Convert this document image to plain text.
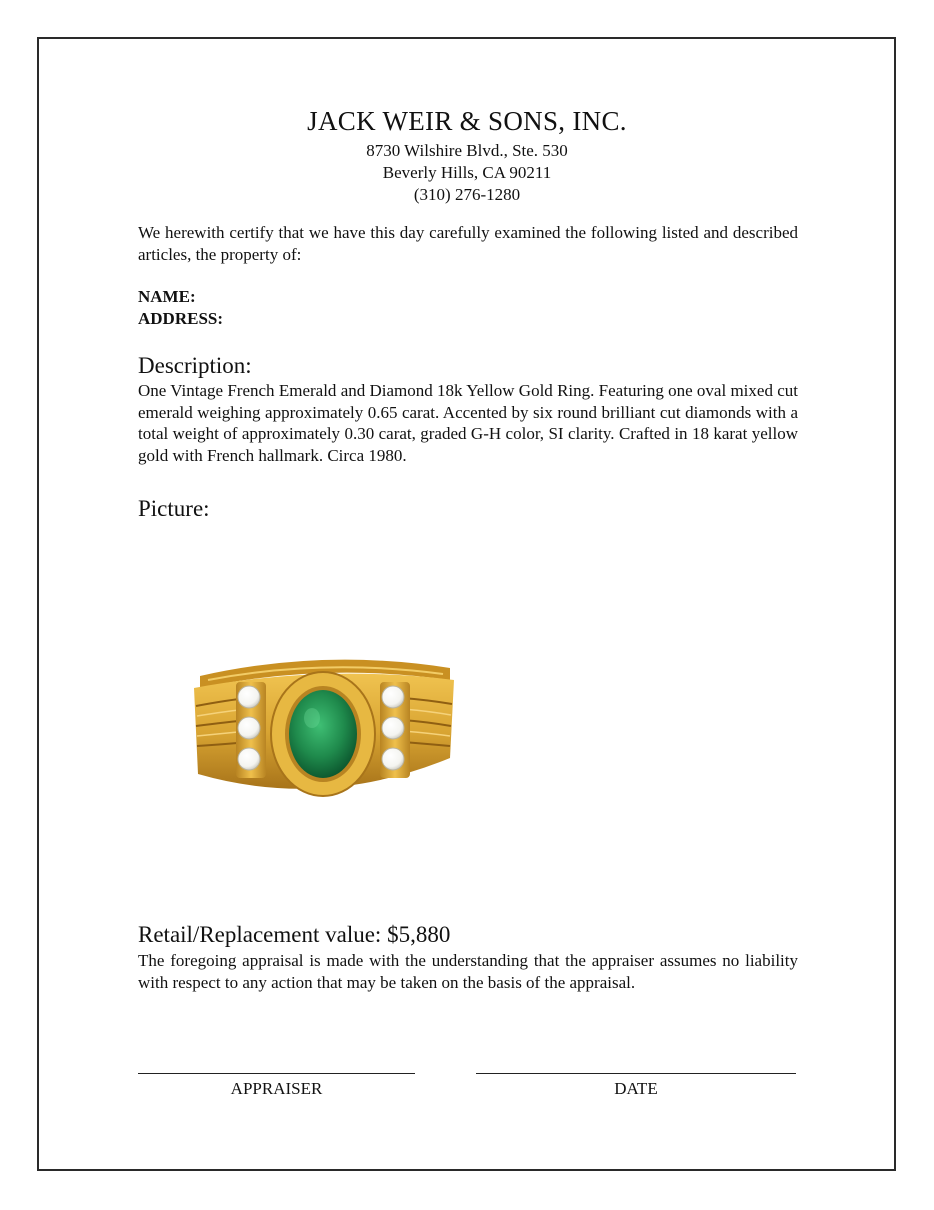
JACK WEIR & SONS, INC.
8730 Wilshire Blvd., Ste. 530
Beverly Hills, CA 90211
(310) 276-1280
We herewith certify that we have this day carefully examined the following listed and described articles, the property of:
NAME:
ADDRESS:
Description:
One Vintage French Emerald and Diamond 18k Yellow Gold Ring. Featuring one oval mixed cut emerald weighing approximately 0.65 carat. Accented by six round brilliant cut diamonds with a total weight of approximately 0.30 carat, graded G-H color, SI clarity. Crafted in 18 karat yellow gold with French hallmark. Circa 1980.
Picture:
Retail/Replacement value: $5,880
The foregoing appraisal is made with the understanding that the appraiser assumes no liability with respect to any action that may be taken on the basis of the appraisal.
APPRAISER	DATE
